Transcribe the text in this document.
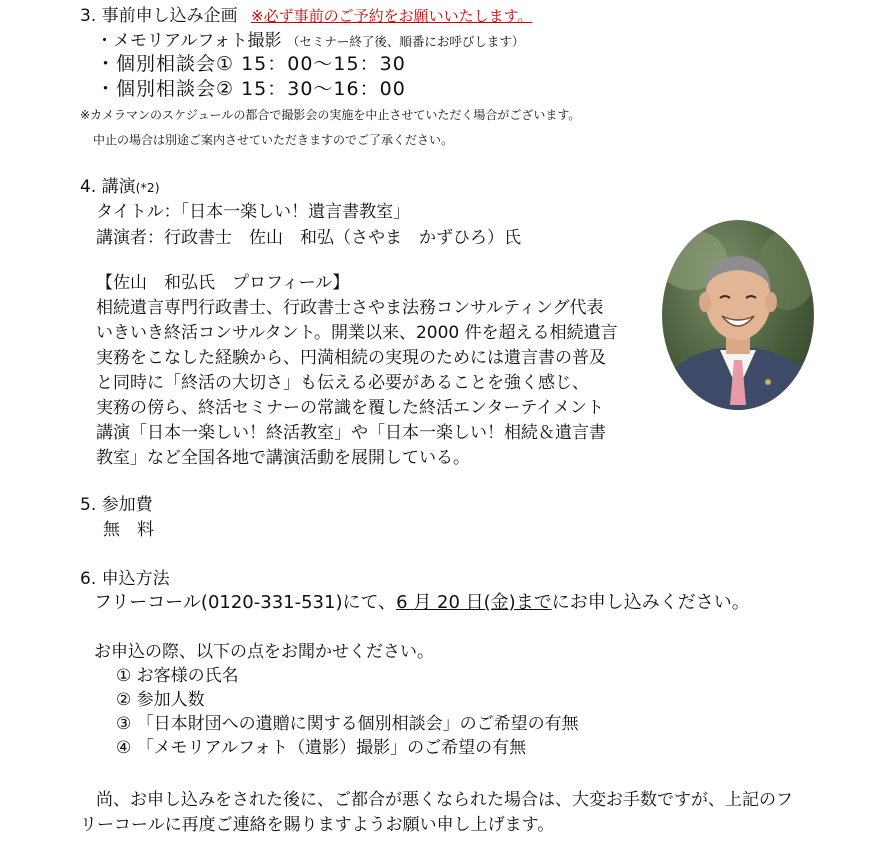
3. 事前申し込み企画 ※必ず事前のご予約をお願いいたします。
・メモリアルフォト撮影 （セミナー終了後、順番にお呼びします）
・個別相談会① 15：00～15：30
・個別相談会② 15：30～16：00
※カメラマンのスケジュールの都合で撮影会の実施を中止させていただく場合がございます。
中止の場合は別途ご案内させていただきますのでご了承ください。
4. 講演(*2)
タイトル：「日本一楽しい！遺言書教室」
講演者：行政書士　佐山　和弘（さやま　かずひろ）氏
【佐山　和弘氏　プロフィール】
相続遺言専門行政書士、行政書士さやま法務コンサルティング代表
いきいき終活コンサルタント。開業以来、2000 件を超える相続遺言
実務をこなした経験から、円満相続の実現のためには遺言書の普及
と同時に「終活の大切さ」も伝える必要があることを強く感じ、
実務の傍ら、終活セミナーの常識を覆した終活エンターテイメント
講演「日本一楽しい！終活教室」や「日本一楽しい！相続＆遺言書
教室」など全国各地で講演活動を展開している。
5. 参加費
無　料
6. 申込方法
フリーコール(0120-331-531)にて、6 月 20 日(金)までにお申し込みください。
お申込の際、以下の点をお聞かせください。
① お客様の氏名
② 参加人数
③ 「日本財団への遺贈に関する個別相談会」のご希望の有無
④ 「メモリアルフォト（遺影）撮影」のご希望の有無
尚、お申し込みをされた後に、ご都合が悪くなられた場合は、大変お手数ですが、上記のフ
リーコールに再度ご連絡を賜りますようお願い申し上げます。
